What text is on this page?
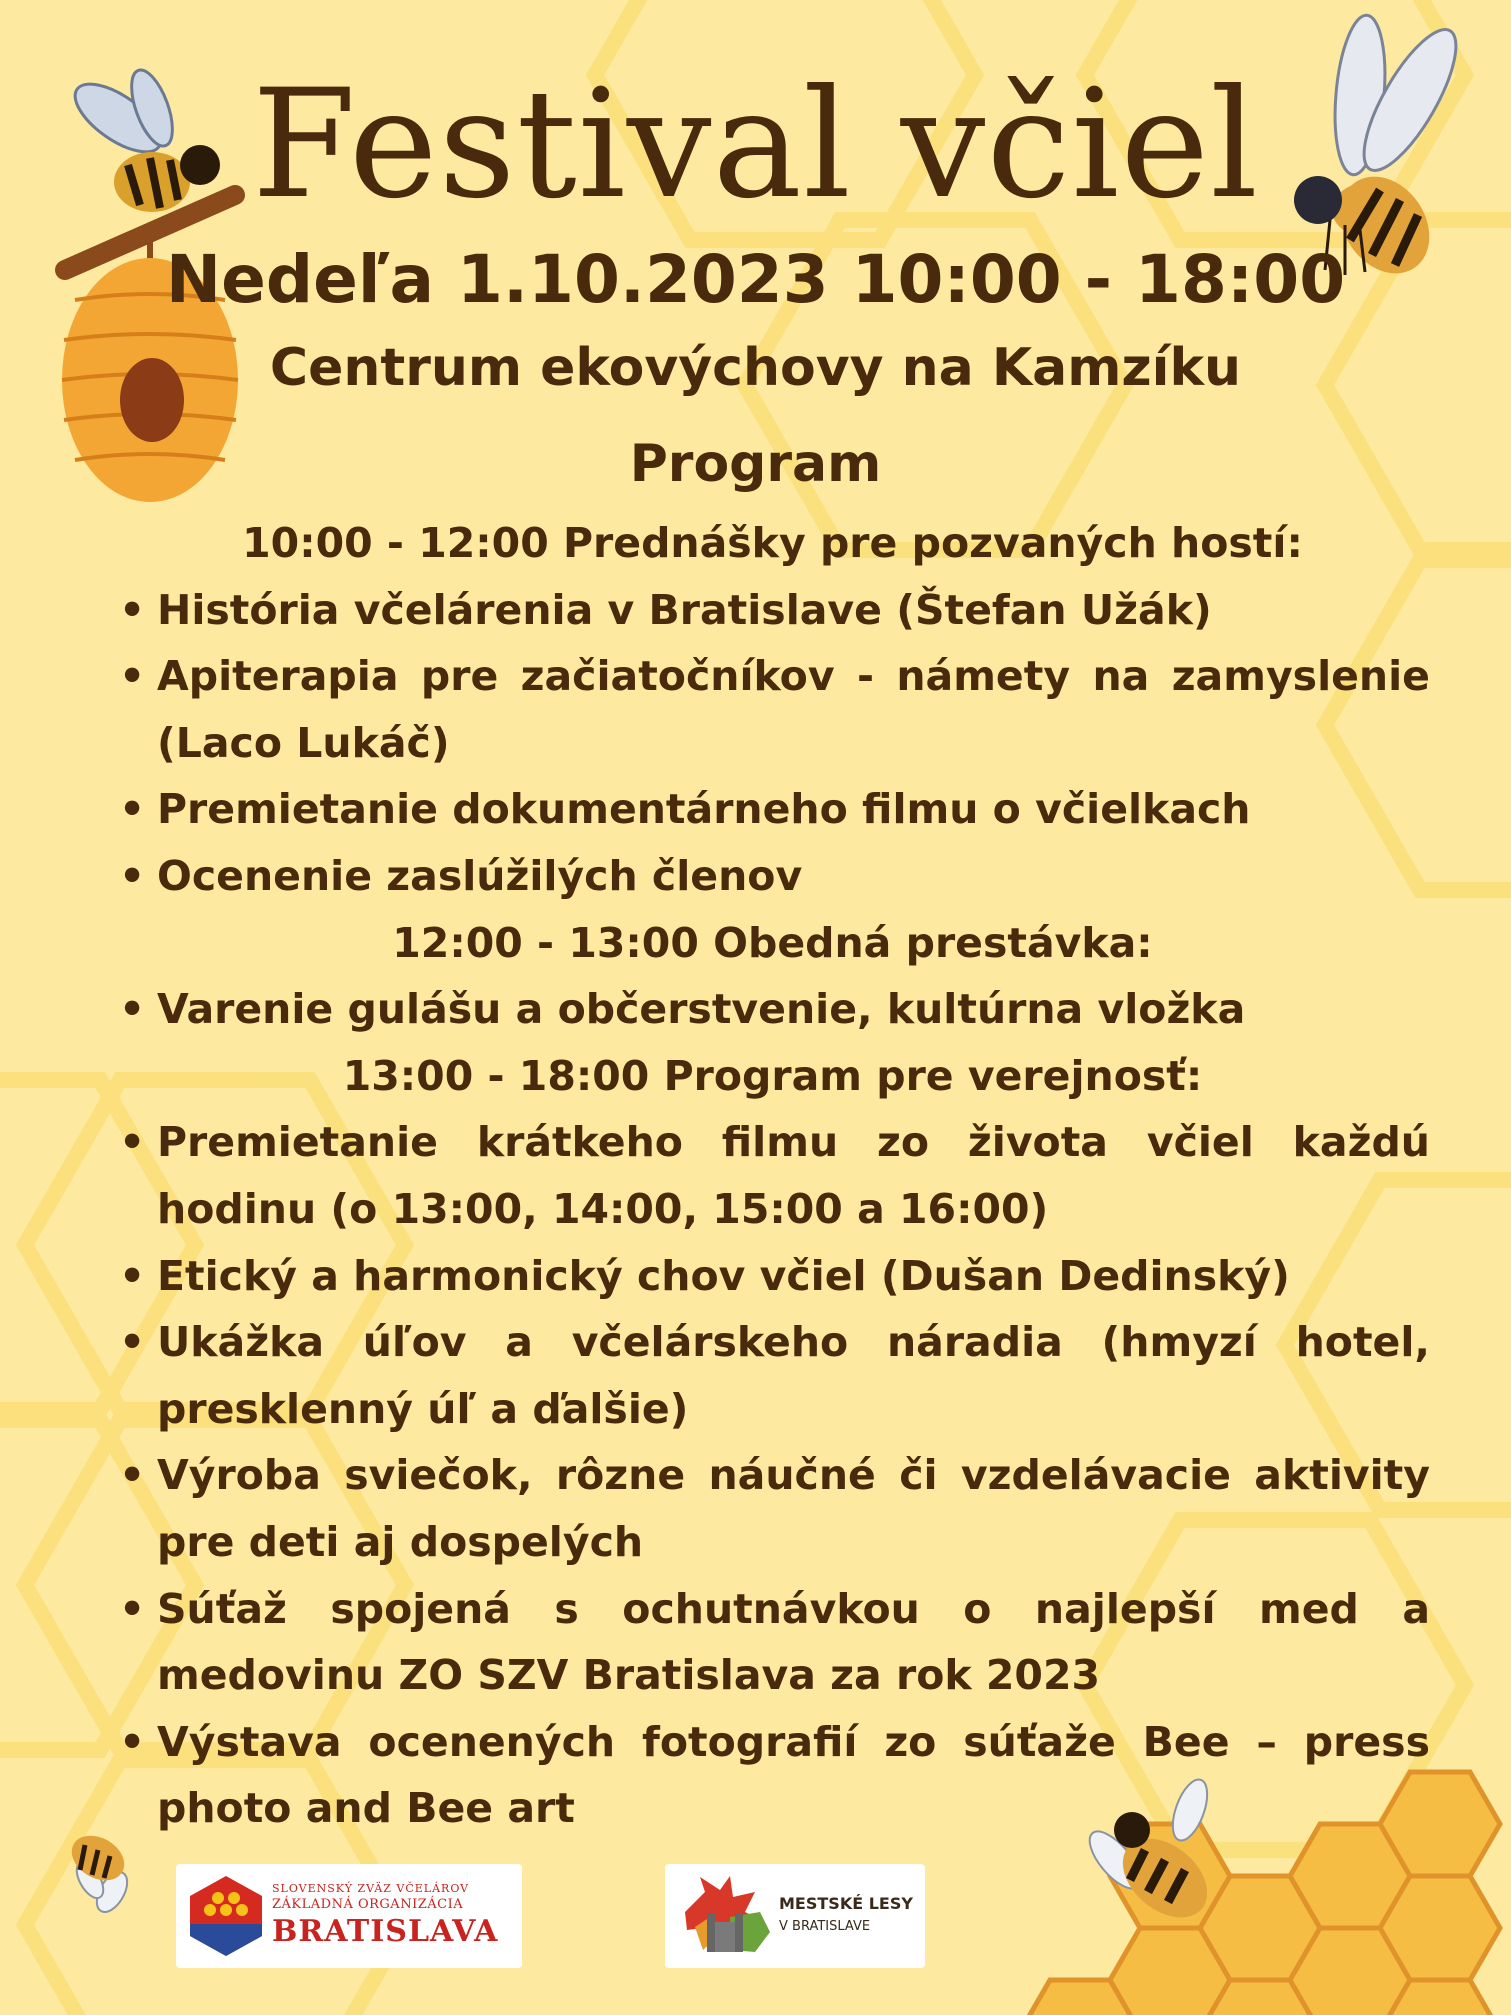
Festival včiel
Nedeľa 1.10.2023 10:00 - 18:00
Centrum ekovýchovy na Kamzíku
Program
10:00 - 12:00 Prednášky pre pozvaných hostí:
• História včelárenia v Bratislave (Štefan Užák)
• Apiterapia pre začiatočníkov - námety na zamyslenie (Laco Lukáč)
• Premietanie dokumentárneho filmu o včielkach
• Ocenenie zaslúžilých členov
12:00 - 13:00 Obedná prestávka:
• Varenie gulášu a občerstvenie, kultúrna vložka
13:00 - 18:00 Program pre verejnosť:
• Premietanie krátkeho filmu zo života včiel každú hodinu (o 13:00, 14:00, 15:00 a 16:00)
• Etický a harmonický chov včiel (Dušan Dedinský)
• Ukážka úľov a včelárskeho náradia (hmyzí hotel, presklenný úľ a ďalšie)
• Výroba sviečok, rôzne náučné či vzdelávacie aktivity pre deti aj dospelých
• Súťaž spojená s ochutnávkou o najlepší med a medovinu ZO SZV Bratislava za rok 2023
• Výstava ocenených fotografií zo súťaže Bee – press photo and Bee art
SLOVENSKÝ ZVÄZ VČELÁROV
ZÁKLADNÁ ORGANIZÁCIA
BRATISLAVA
MESTSKÉ LESY
V BRATISLAVE
